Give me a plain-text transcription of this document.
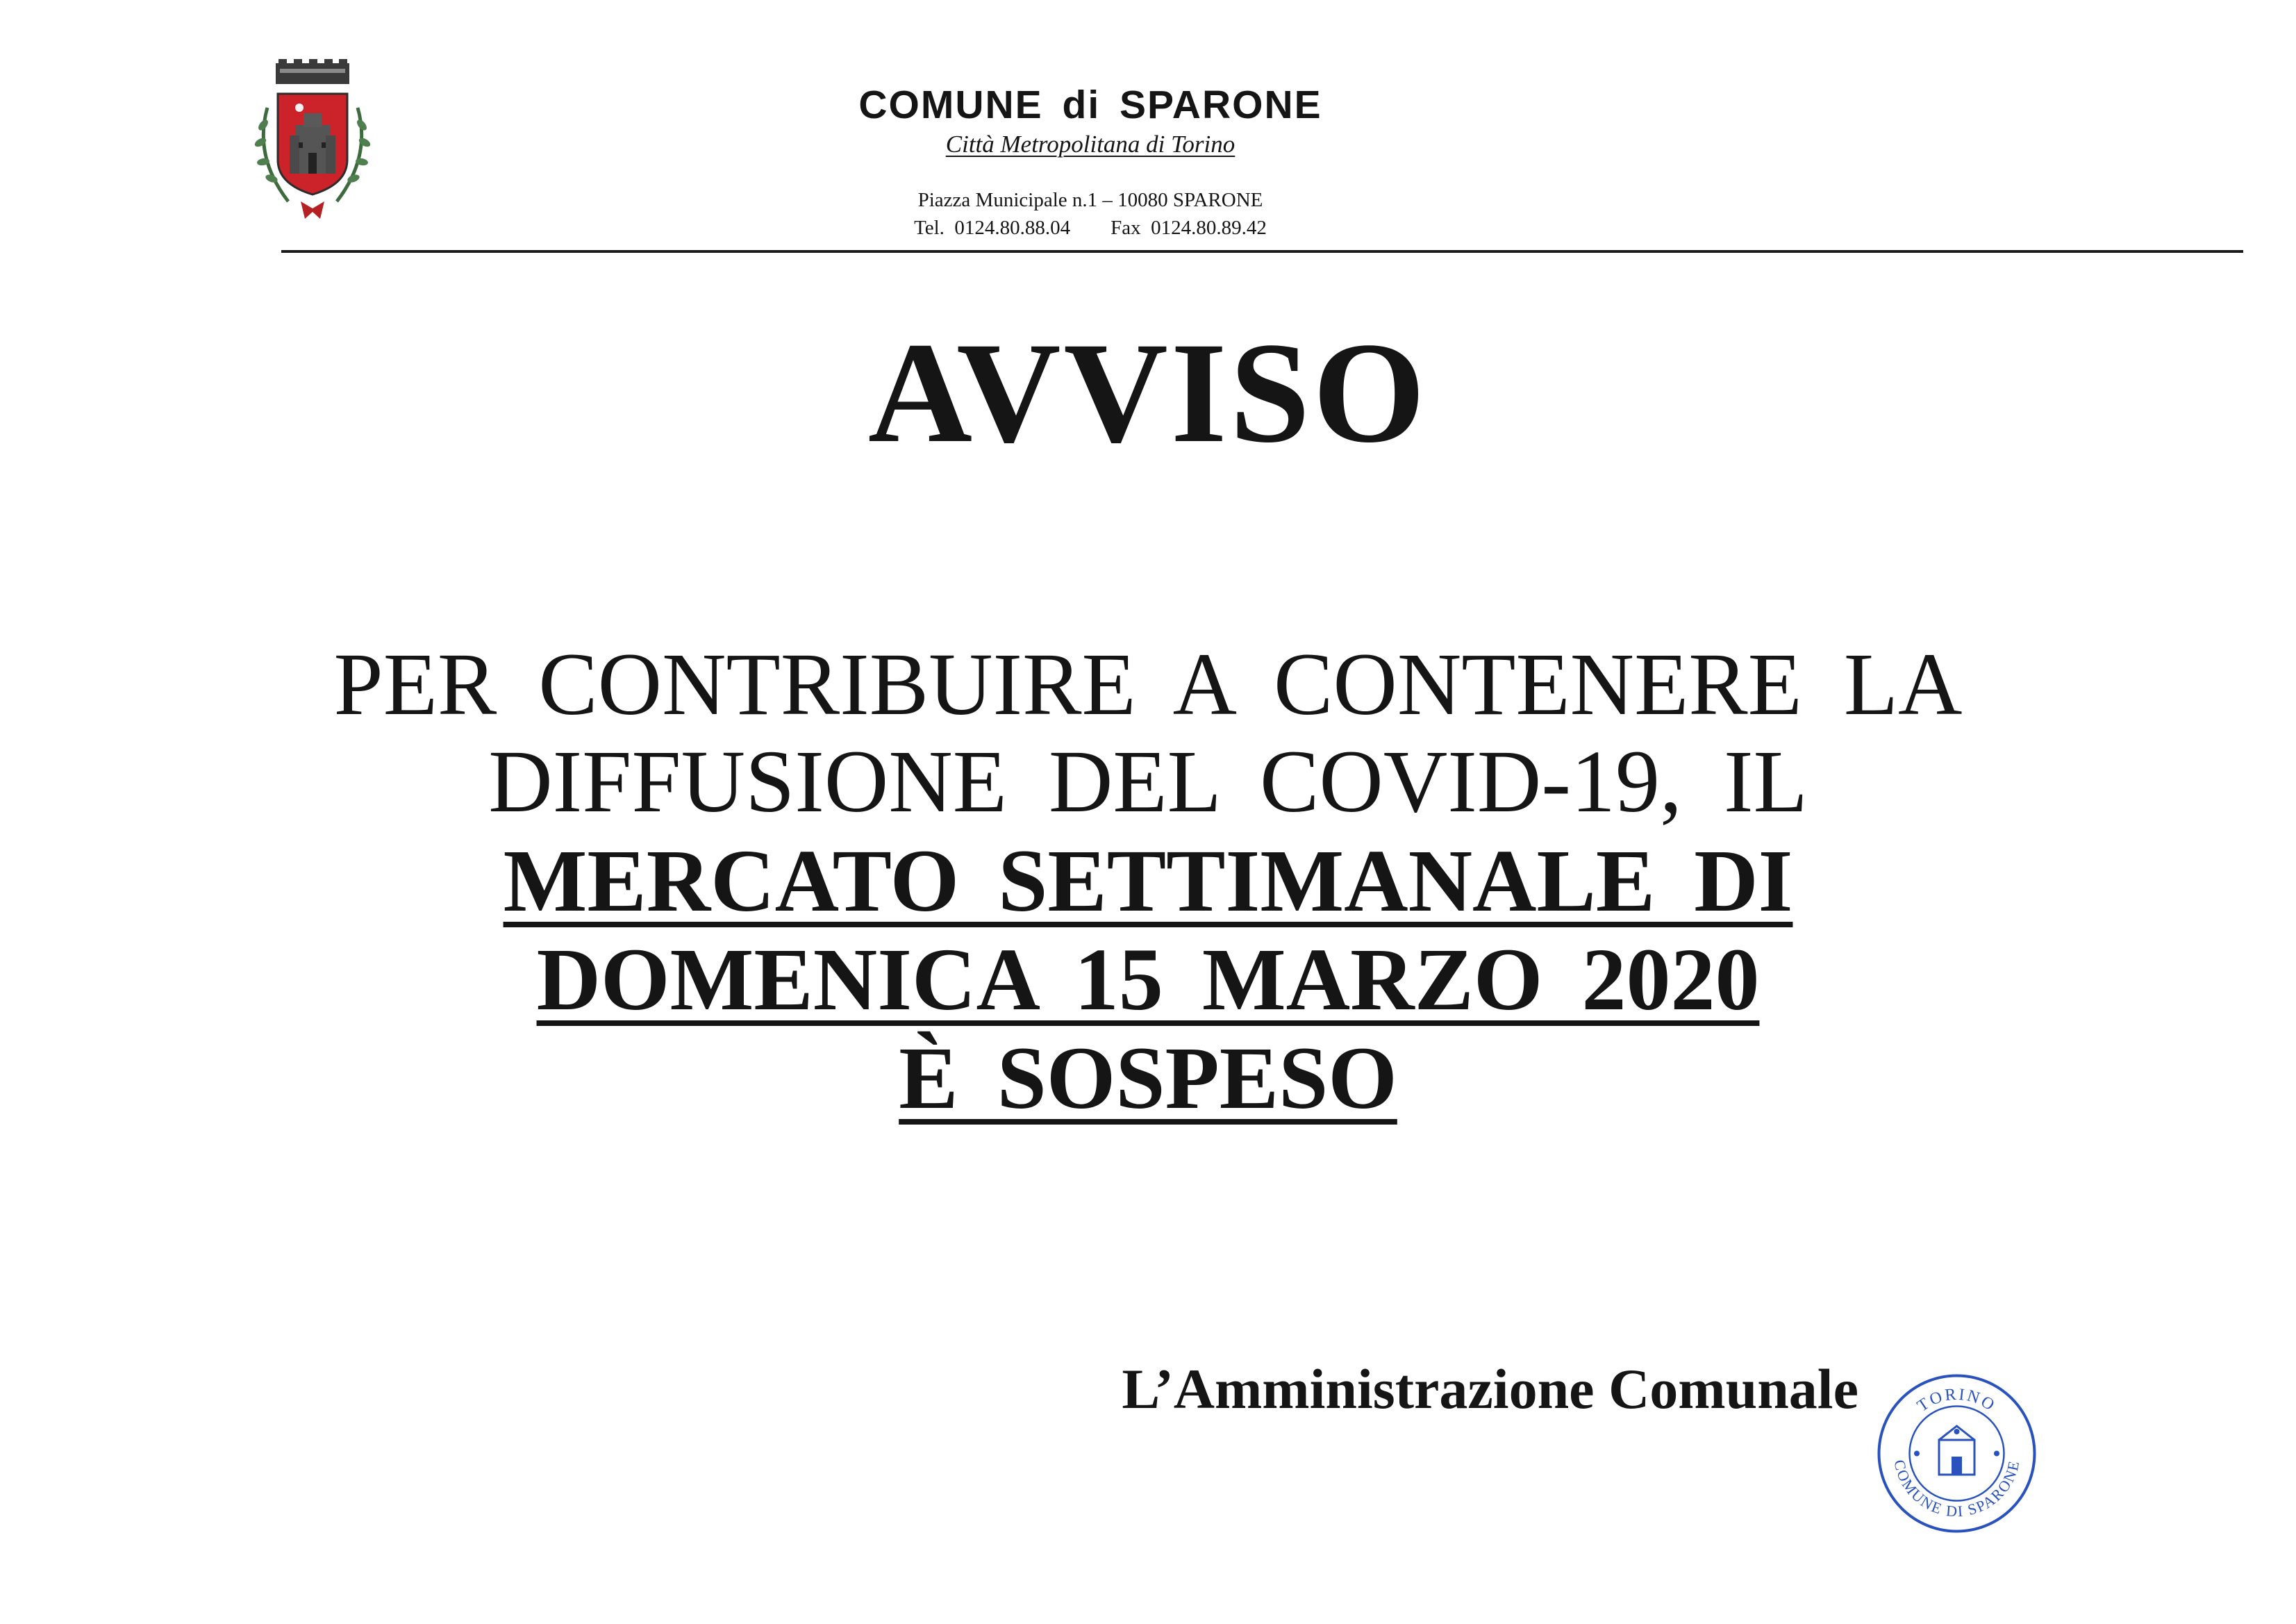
COMUNE di SPARONE

Città Metropolitana di Torino

Piazza Municipale n.1 – 10080 SPARONE
Tel.  0124.80.88.04        Fax  0124.80.89.42
AVVISO
PER CONTRIBUIRE A CONTENERE LA
DIFFUSIONE DEL COVID-19, IL
MERCATO SETTIMANALE DI
DOMENICA 15 MARZO 2020
È SOSPESO
L’Amministrazione Comunale	TORINO
COMUNE DI SPARONE
